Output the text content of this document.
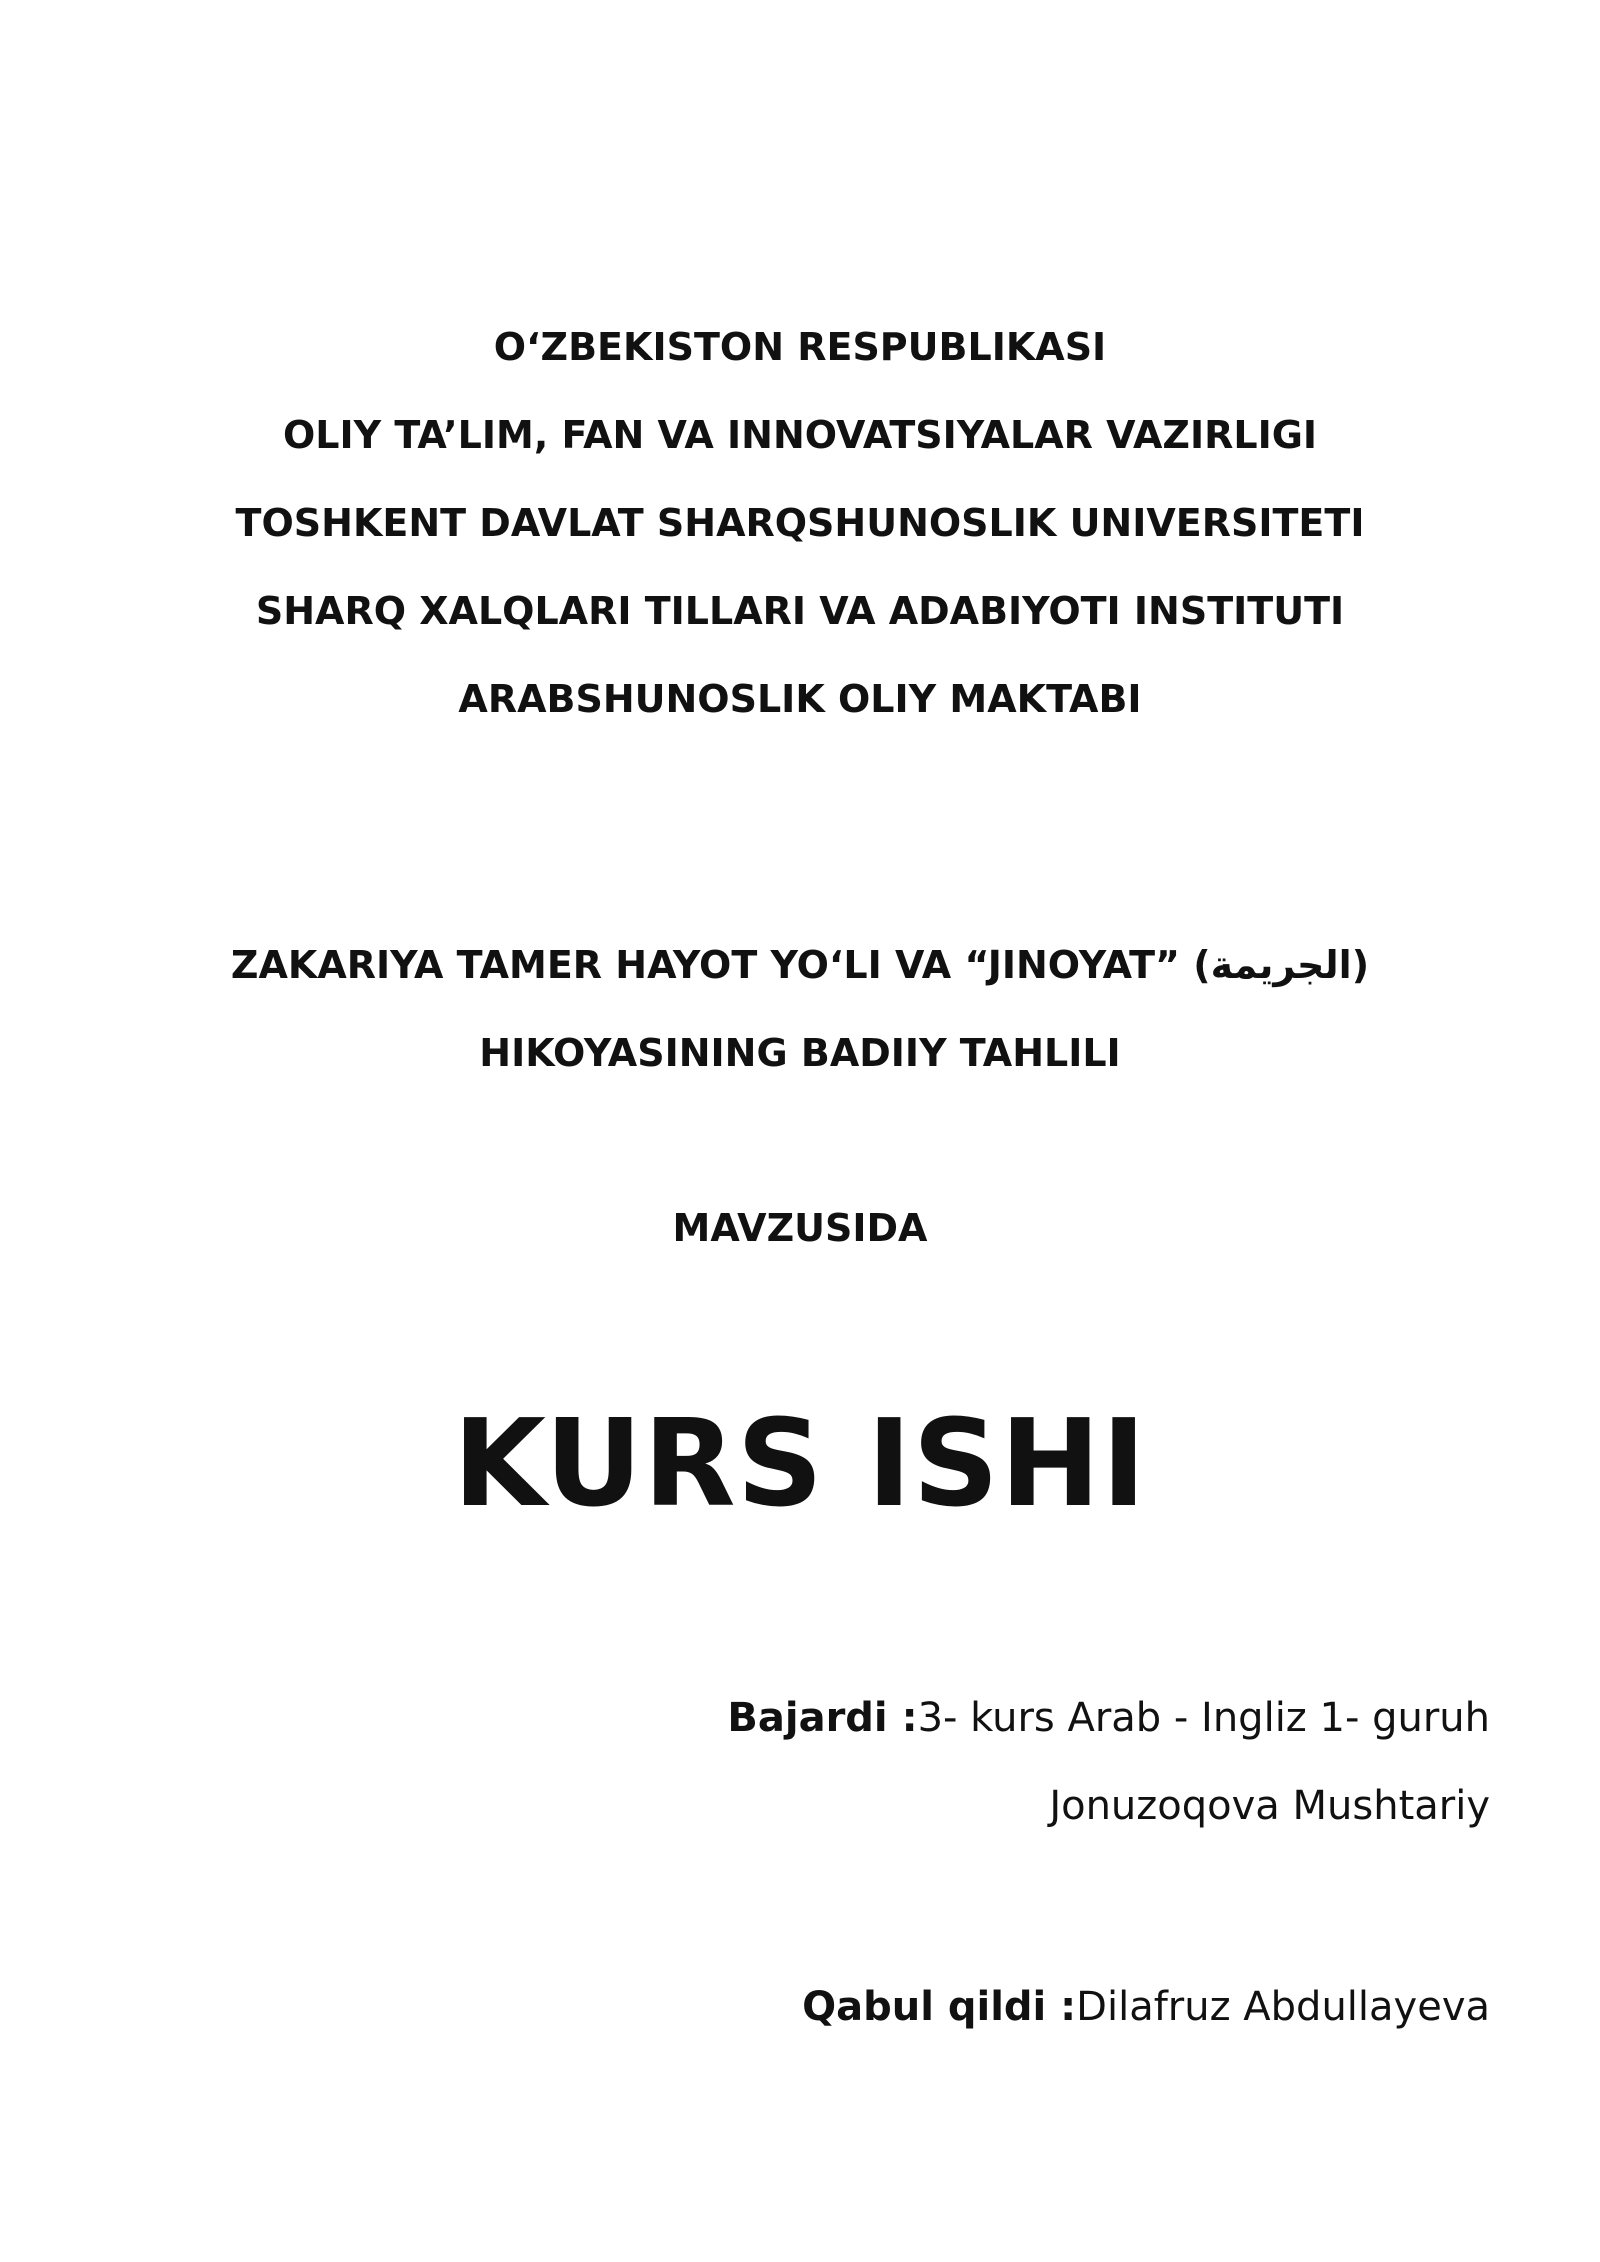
O‘ZBEKISTON RESPUBLIKASI
OLIY TA’LIM, FAN VA INNOVATSIYALAR VAZIRLIGI
TOSHKENT DAVLAT SHARQSHUNOSLIK UNIVERSITETI
SHARQ XALQLARI TILLARI VA ADABIYOTI INSTITUTI
ARABSHUNOSLIK OLIY MAKTABI
ZAKARIYA TAMER HAYOT YO‘LI VA “JINOYAT” (الجريمة)
HIKOYASINING BADIIY TAHLILI
MAVZUSIDA
KURS ISHI
Bajardi :3- kurs Arab - Ingliz 1- guruh
Jonuzoqova Mushtariy
Qabul qildi :Dilafruz Abdullayeva
